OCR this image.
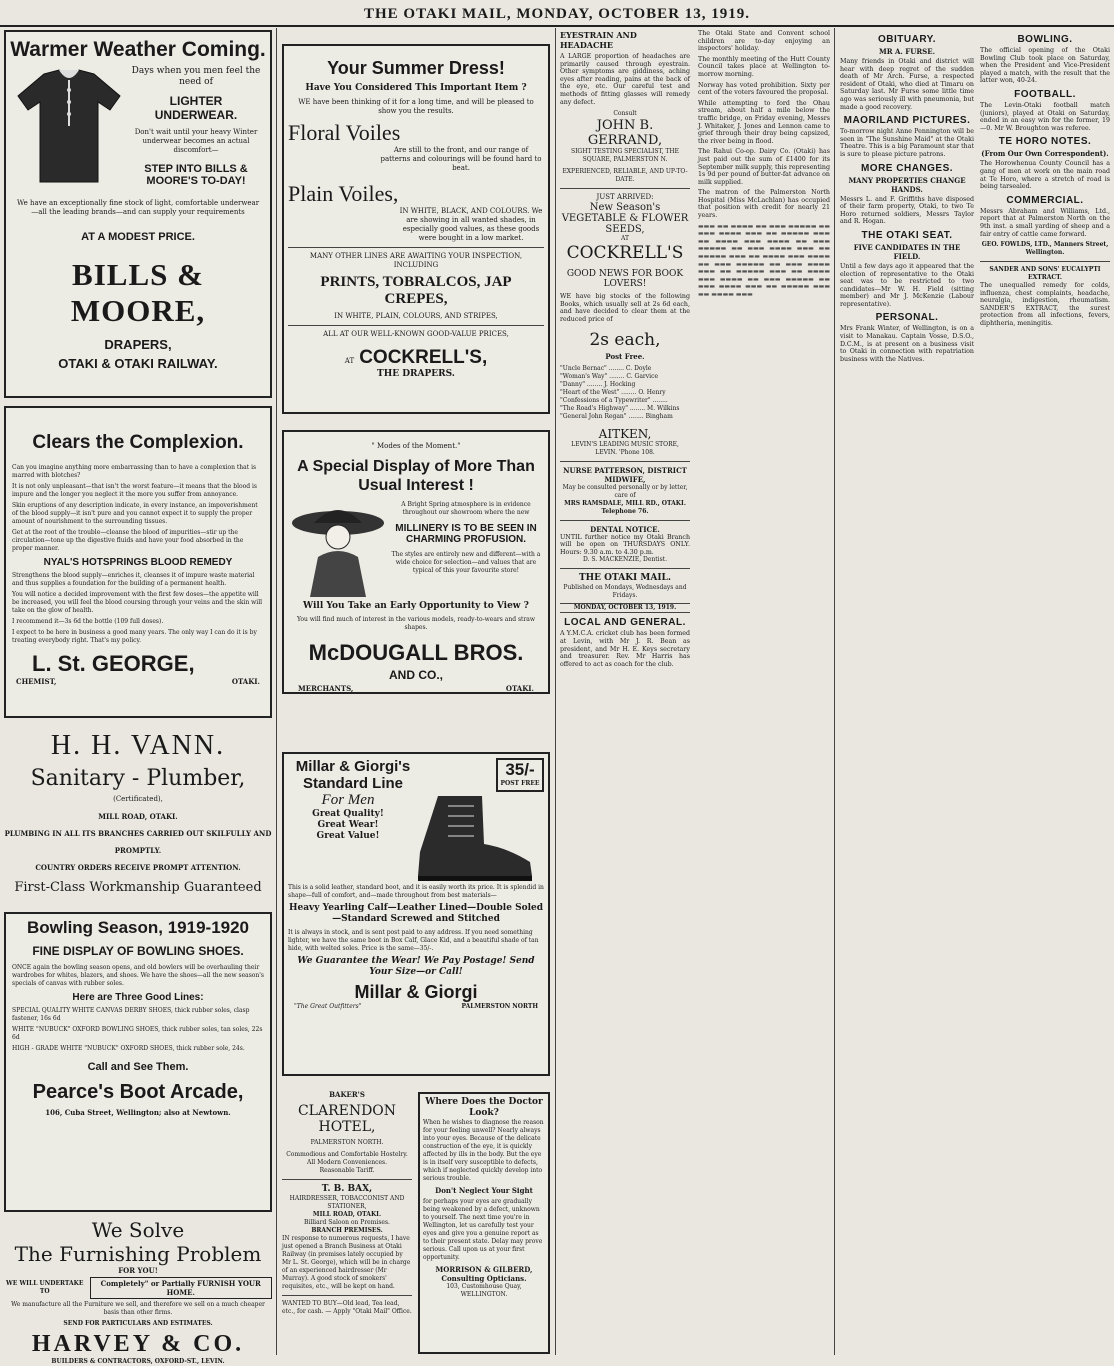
THE OTAKI MAIL, MONDAY, OCTOBER 13, 1919.
Warmer Weather Coming.
Days when you men feel the need of
LIGHTER UNDERWEAR.
Don't wait until your heavy Winter underwear becomes an actual discomfort—
STEP INTO BILLS & MOORE'S TO-DAY!
We have an exceptionally fine stock of light, comfortable underwear—all the leading brands—and can supply your requirements
AT A MODEST PRICE.
BILLS & MOORE,
DRAPERS,
OTAKI & OTAKI RAILWAY.
Clears the Complexion.

Can you imagine anything more embarrassing than to have a complexion that is marred with blotches?

It is not only unpleasant—that isn't the worst feature—it means that the blood is impure and the longer you neglect it the more you suffer from annoyance.

Skin eruptions of any description indicate, in every instance, an impoverishment of the blood supply—it isn't pure and you cannot expect it to supply the proper amount of nourishment to the surrounding tissues.

Get at the root of the trouble—cleanse the blood of impurities—stir up the circulation—tone up the digestive fluids and have your food absorbed in the proper manner.

NYAL'S HOTSPRINGS BLOOD REMEDY

Strengthens the blood supply—enriches it, cleanses it of impure waste material and thus supplies a foundation for the building of a permanent health.

You will notice a decided improvement with the first few doses—the appetite will be increased, you will feel the blood coursing through your veins and the skin will take on the glow of health.

I recommend it—3s 6d the bottle (109 full doses).

I expect to be here in business a good many years. The only way I can do it is by treating everybody right. That's my policy.

L. St. GEORGE,
CHEMIST,	OTAKI.
H. H. VANN.
Sanitary - Plumber,
(Certificated),
MILL ROAD, OTAKI.
PLUMBING IN ALL ITS BRANCHES CARRIED OUT SKILFULLY AND
PROMPTLY.
COUNTRY ORDERS RECEIVE PROMPT ATTENTION.
First-Class Workmanship Guaranteed
Bowling Season, 1919-1920
FINE DISPLAY OF BOWLING SHOES.

ONCE again the bowling season opens, and old bowlers will be overhauling their wardrobes for whites, blazers, and shoes. We have the shoes—all the new season's specials of canvas with rubber soles.

Here are Three Good Lines:

SPECIAL QUALITY WHITE CANVAS DERBY SHOES, thick rubber soles, clasp fastener, 16s 6d

WHITE "NUBUCK" OXFORD BOWLING SHOES, thick rubber soles, tan soles, 22s 6d

HIGH - GRADE WHITE "NUBUCK" OXFORD SHOES, thick rubber sole, 24s.

Call and See Them.
Pearce's Boot Arcade,
106, Cuba Street, Wellington; also at Newtown.
We Solve
The Furnishing Problem
FOR YOU!
WE WILL UNDERTAKE TO
Completely" or Partially FURNISH YOUR HOME.
We manufacture all the Furniture we sell, and therefore we sell on a much cheaper basis than other firms.
SEND FOR PARTICULARS AND ESTIMATES.
HARVEY & CO.
BUILDERS & CONTRACTORS, OXFORD-ST., LEVIN.
Your Summer Dress!
Have You Considered This Important Item ?
WE have been thinking of it for a long time, and will be pleased to show you the results.
Floral Voiles
Are still to the front, and our range of patterns and colourings will be found hard to beat.
Plain Voiles,
IN WHITE, BLACK, AND COLOURS. We are showing in all wanted shades, in especially good values, as these goods were bought in a low market.
MANY OTHER LINES ARE AWAITING YOUR INSPECTION, INCLUDING
PRINTS, TOBRALCOS, JAP CREPES,
IN WHITE, PLAIN, COLOURS, AND STRIPES,
ALL AT OUR WELL-KNOWN GOOD-VALUE PRICES,
AT COCKRELL'S,
THE DRAPERS.
" Modes of the Moment."
A Special Display of More Than Usual Interest !
A Bright Spring atmosphere is in evidence throughout our showroom where the new
MILLINERY IS TO BE SEEN IN CHARMING PROFUSION.
The styles are entirely new and different—with a wide choice for selection—and values that are typical of this your favourite store!
Will You Take an Early Opportunity to View ?
You will find much of interest in the various models, ready-to-wears and straw shapes.
McDOUGALL BROS.
AND CO.,
MERCHANTS,	OTAKI.
Millar & Giorgi's Standard Line
35/-
POST FREE
For Men
Great Quality!
Great Wear!
Great Value!

This is a solid leather, standard boot, and it is easily worth its price. It is splendid in shape—full of comfort, and—made throughout from best materials—

Heavy Yearling Calf—Leather Lined—Double Soled—Standard Screwed and Stitched

It is always in stock, and is sent post paid to any address. If you need something lighter, we have the same boot in Box Calf, Glace Kid, and a beautiful shade of tan hide, with welted soles. Price is the same—35/-.

We Guarantee the Wear! We Pay Postage! Send Your Size—or Call!
Millar & Giorgi
"The Great Outfitters"	PALMERSTON NORTH
BAKER'S
CLARENDON HOTEL,
PALMERSTON NORTH.
Commodious and Comfortable Hostelry.
All Modern Conveniences.
Reasonable Tariff.
T. B. BAX,
HAIRDRESSER, TOBACCONIST AND STATIONER,
MILL ROAD, OTAKI.
Billiard Saloon on Premises.
BRANCH PREMISES.
IN response to numerous requests, I have just opened a Branch Business at Otaki Railway (in premises lately occupied by Mr L. St. George), which will be in charge of an experienced hairdresser (Mr Murray). A good stock of smokers' requisites, etc., will be kept on hand.
WANTED TO BUY—Old lead, Tea lead, etc., for cash. — Apply "Otaki Mail" Office.
Where Does the Doctor Look?
When he wishes to diagnose the reason for your feeling unwell? Nearly always into your eyes. Because of the delicate construction of the eye, it is quickly affected by ills in the body. But the eye is in itself very susceptible to defects, which if neglected quickly develop into serious trouble.
Don't Neglect Your Sight
for perhaps your eyes are gradually being weakened by a defect, unknown to yourself. The next time you're in Wellington, let us carefully test your eyes and give you a genuine report as to their present state. Delay may prove serious. Call upon us at your first opportunity.
MORRISON & GILBERD, Consulting Opticians.
103, Customhouse Quay, WELLINGTON.
EYESTRAIN AND HEADACHE
A LARGE proportion of headaches are primarily caused through eyestrain. Other symptoms are giddiness, aching eyes after reading, pains at the back of the eye, etc. Our careful test and methods of fitting glasses will remedy any defect.
Consult
JOHN B. GERRAND,
SIGHT TESTING SPECIALIST, THE SQUARE, PALMERSTON N.
EXPERIENCED, RELIABLE, AND UP-TO-DATE.
JUST ARRIVED:
New Season's VEGETABLE & FLOWER SEEDS,
AT
COCKRELL'S
GOOD NEWS FOR BOOK LOVERS!
WE have big stocks of the following Books, which usually sell at 2s 6d each, and have decided to clear them at the reduced price of
2s each,
Post Free.
"Uncle Bernac" ........ C. Doyle
"Woman's Way" ........ C. Garvice
"Danny" ........ J. Hocking
"Heart of the West" ........ O. Henry
"Confessions of a Typewriter" ........
"The Road's Highway" ........ M. Wilkins
"General John Regan" ........ Bingham
AITKEN,
LEVIN'S LEADING MUSIC STORE, LEVIN. 'Phone 108.
NURSE PATTERSON, DISTRICT MIDWIFE,
May be consulted personally or by letter, care of
MRS RAMSDALE, MILL RD., OTAKI. Telephone 76.
DENTAL NOTICE.
UNTIL further notice my Otaki Branch will be open on THURSDAYS ONLY. Hours: 9.30 a.m. to 4.30 p.m.
D. S. MACKENZIE, Dentist.
THE OTAKI MAIL.
Published on Mondays, Wednesdays and Fridays.
MONDAY, OCTOBER 13, 1919.
LOCAL AND GENERAL.
A Y.M.C.A. cricket club has been formed at Levin, with Mr J. R. Bean as president, and Mr H. E. Keys secretary and treasurer. Rev. Mr Harris has offered to act as coach for the club.

The Otaki State and Convent school children are to-day enjoying an inspectors' holiday.

The monthly meeting of the Hutt County Council takes place at Wellington to-morrow morning.

Norway has voted prohibition. Sixty per cent of the voters favoured the proposal.

While attempting to ford the Ohau stream, about half a mile below the traffic bridge, on Friday evening, Messrs J. Whitaker, J. Jones and Lennon came to grief through their dray being capsized, the river being in flood.

The Rahui Co-op. Dairy Co. (Otaki) has just paid out the sum of £1400 for its September milk supply, this representing 1s 9d per pound of butter-fat advance on milk supplied.

The matron of the Palmerston North Hospital (Miss McLachlan) has occupied that position with credit for nearly 21 years.

▬▬▬ ▬▬ ▬▬▬▬ ▬▬ ▬▬▬ ▬▬▬▬▬ ▬▬ ▬▬▬ ▬▬▬▬ ▬▬▬ ▬▬ ▬▬▬▬▬ ▬▬▬ ▬▬ ▬▬▬▬ ▬▬▬ ▬▬▬▬ ▬▬ ▬▬▬ ▬▬▬▬▬ ▬▬ ▬▬▬ ▬▬▬▬ ▬▬▬ ▬▬ ▬▬▬▬▬ ▬▬▬ ▬▬ ▬▬▬▬ ▬▬▬ ▬▬▬▬ ▬▬ ▬▬▬ ▬▬▬▬▬ ▬▬ ▬▬▬ ▬▬▬▬ ▬▬▬ ▬▬ ▬▬▬▬▬ ▬▬▬ ▬▬ ▬▬▬▬ ▬▬▬ ▬▬▬▬ ▬▬ ▬▬▬ ▬▬▬▬▬ ▬▬ ▬▬▬ ▬▬▬▬ ▬▬▬ ▬▬ ▬▬▬▬▬ ▬▬▬ ▬▬ ▬▬▬▬ ▬▬▬
OBITUARY.
MR A. FURSE.

Many friends in Otaki and district will hear with deep regret of the sudden death of Mr Arch. Furse, a respected resident of Otaki, who died at Timaru on Saturday last. Mr Furse some little time ago was seriously ill with pneumonia, but made a good recovery.

MAORILAND PICTURES.

To-morrow night Anne Pennington will be seen in "The Sunshine Maid" at the Otaki Theatre. This is a big Paramount star that is sure to please picture patrons.

MORE CHANGES.
MANY PROPERTIES CHANGE HANDS.

Messrs L. and F. Griffiths have disposed of their farm property, Otaki, to two Te Horo returned soldiers, Messrs Taylor and R. Hogan.

THE OTAKI SEAT.
FIVE CANDIDATES IN THE FIELD.

Until a few days ago it appeared that the election of representative to the Otaki seat was to be restricted to two candidates—Mr W. H. Field (sitting member) and Mr J. McKenzie (Labour representative).

PERSONAL.

Mrs Frank Winter, of Wellington, is on a visit to Manakau. Captain Vosse, D.S.O., D.C.M., is at present on a business visit to Otaki in connection with repatriation business with the Natives.

BOWLING.

The official opening of the Otaki Bowling Club took place on Saturday, when the President and Vice-President played a match, with the result that the latter won, 40-24.

FOOTBALL.

The Levin-Otaki football match (juniors), played at Otaki on Saturday, ended in an easy win for the former, 19—0. Mr W. Broughton was referee.

TE HORO NOTES.
(From Our Own Correspondent).

The Horowhenua County Council has a gang of men at work on the main road at Te Horo, where a stretch of road is being tarsealed.

COMMERCIAL.

Messrs Abraham and Williams, Ltd., report that at Palmerston North on the 9th inst. a small yarding of sheep and a fair entry of cattle came forward.

GEO. FOWLDS, LTD., Manners Street, Wellington.
SANDER AND SONS' EUCALYPTI EXTRACT.

The unequalled remedy for colds, influenza, chest complaints, headache, neuralgia, indigestion, rheumatism. SANDER'S EXTRACT, the surest protection from all infections, fevers, diphtheria, meningitis.
